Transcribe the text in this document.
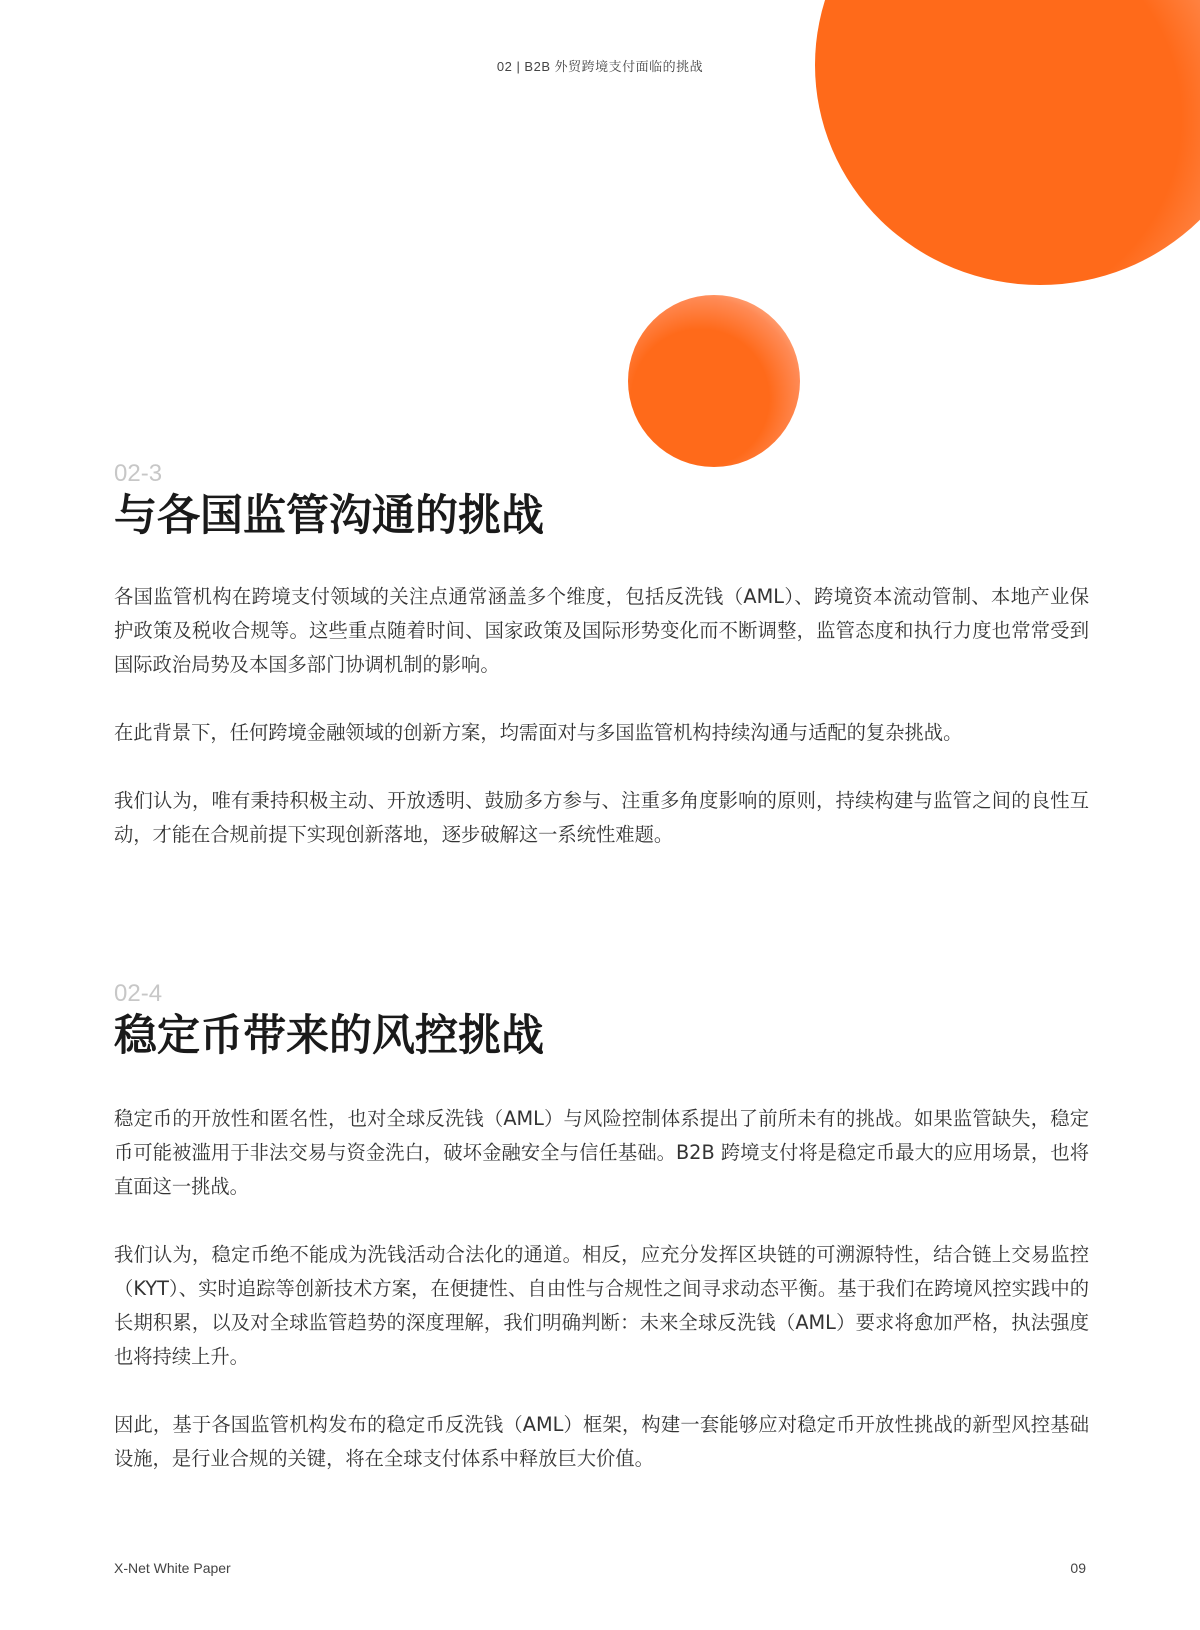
02 | B2B 外贸跨境支付面临的挑战

02-3

与各国监管沟通的挑战

各国监管机构在跨境支付领域的关注点通常涵盖多个维度，包括反洗钱（AML）、跨境资本流动管制、本地产业保护政策及税收合规等。这些重点随着时间、国家政策及国际形势变化而不断调整，监管态度和执行力度也常常受到国际政治局势及本国多部门协调机制的影响。

在此背景下，任何跨境金融领域的创新方案，均需面对与多国监管机构持续沟通与适配的复杂挑战。

我们认为，唯有秉持积极主动、开放透明、鼓励多方参与、注重多角度影响的原则，持续构建与监管之间的良性互动，才能在合规前提下实现创新落地，逐步破解这一系统性难题。

02-4

稳定币带来的风控挑战

稳定币的开放性和匿名性，也对全球反洗钱（AML）与风险控制体系提出了前所未有的挑战。如果监管缺失，稳定币可能被滥用于非法交易与资金洗白，破坏金融安全与信任基础。B2B 跨境支付将是稳定币最大的应用场景，也将直面这一挑战。

我们认为，稳定币绝不能成为洗钱活动合法化的通道。相反，应充分发挥区块链的可溯源特性，结合链上交易监控（KYT）、实时追踪等创新技术方案，在便捷性、自由性与合规性之间寻求动态平衡。基于我们在跨境风控实践中的长期积累，以及对全球监管趋势的深度理解，我们明确判断：未来全球反洗钱（AML）要求将愈加严格，执法强度也将持续上升。

因此，基于各国监管机构发布的稳定币反洗钱（AML）框架，构建一套能够应对稳定币开放性挑战的新型风控基础设施，是行业合规的关键，将在全球支付体系中释放巨大价值。

X-Net White Paper	09
